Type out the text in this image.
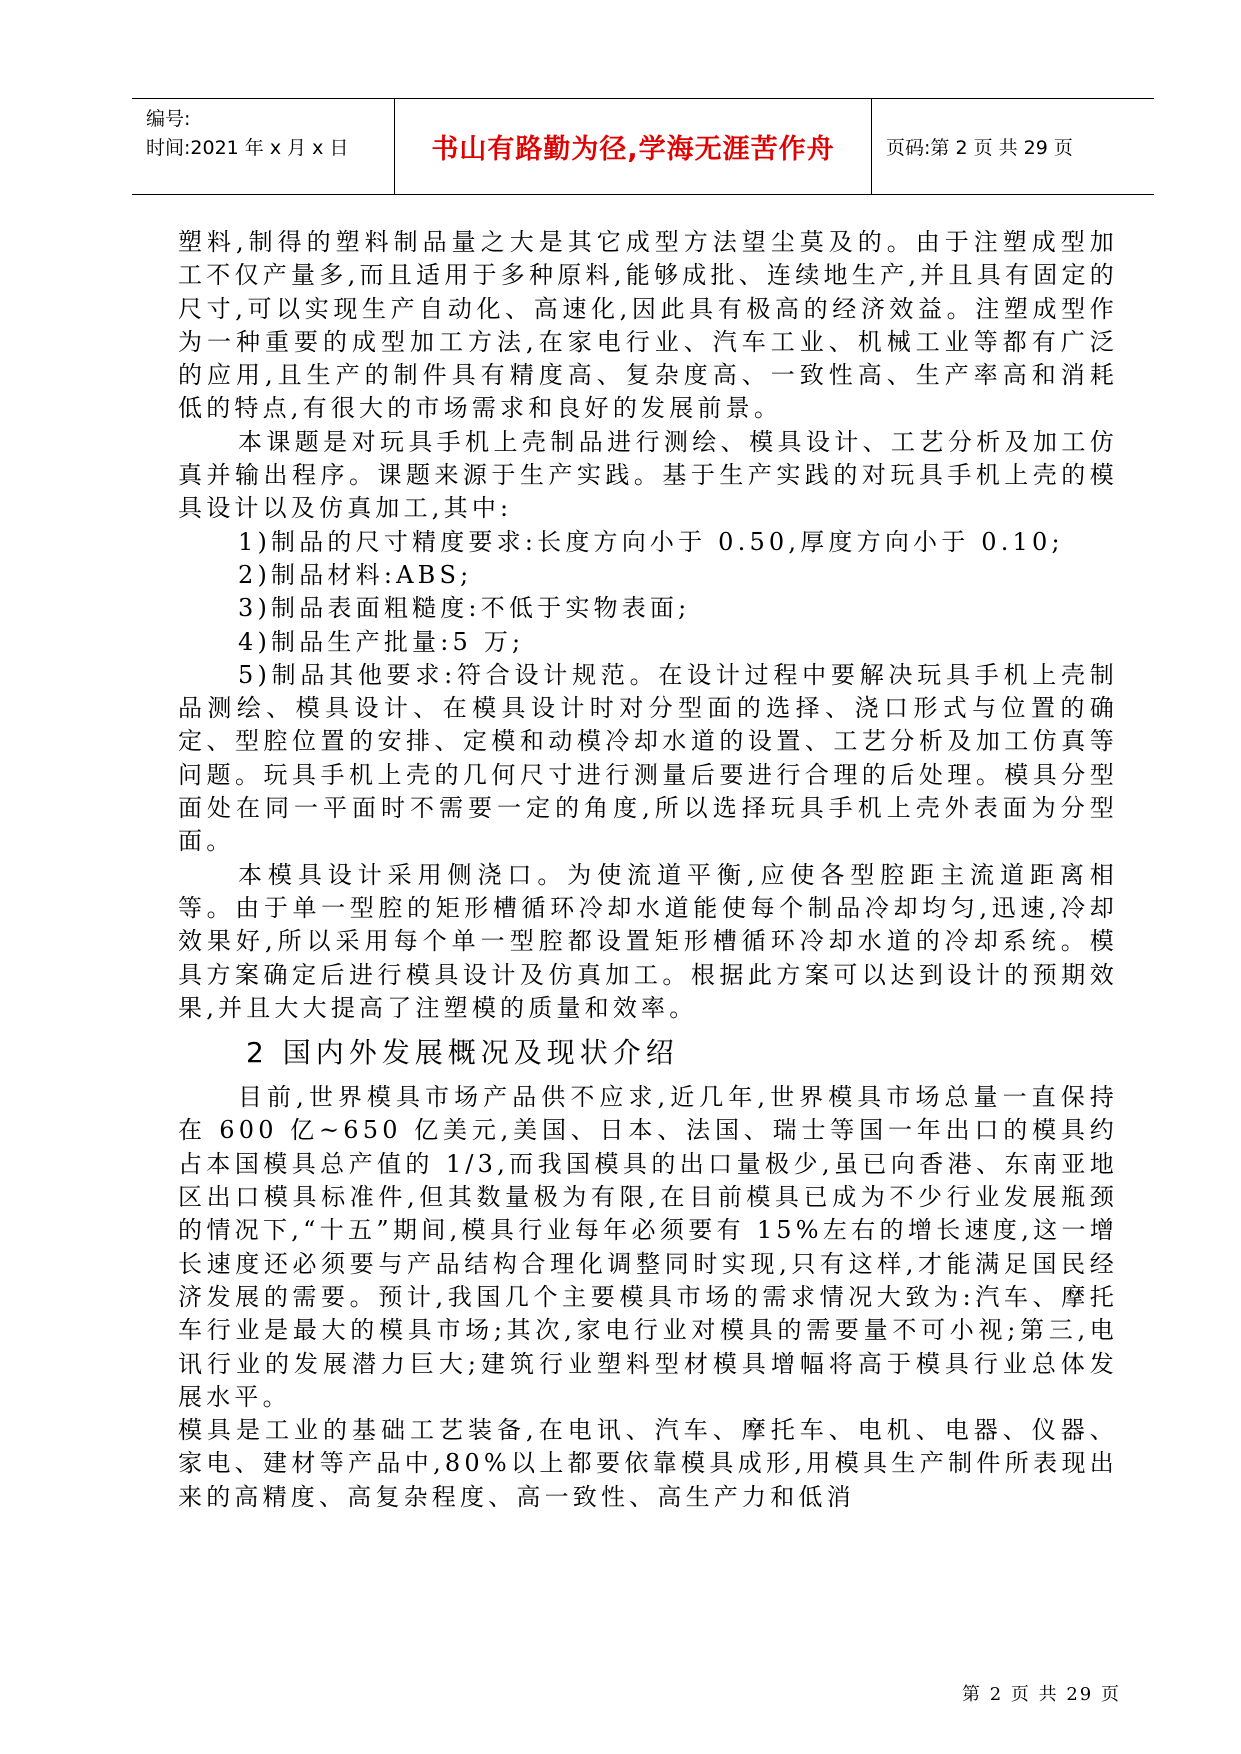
编号:
时间:2021 年 x 月 x 日	书山有路勤为径,学海无涯苦作舟	页码:第 2 页 共 29 页

塑料,制得的塑料制品量之大是其它成型方法望尘莫及的。由于注塑成型加工不仅产量多,而且适用于多种原料,能够成批、连续地生产,并且具有固定的尺寸,可以实现生产自动化、高速化,因此具有极高的经济效益。注塑成型作为一种重要的成型加工方法,在家电行业、汽车工业、机械工业等都有广泛的应用,且生产的制件具有精度高、复杂度高、一致性高、生产率高和消耗低的特点,有很大的市场需求和良好的发展前景。

本课题是对玩具手机上壳制品进行测绘、模具设计、工艺分析及加工仿真并输出程序。课题来源于生产实践。基于生产实践的对玩具手机上壳的模具设计以及仿真加工,其中:

1)制品的尺寸精度要求:长度方向小于 0.50,厚度方向小于 0.10;

2)制品材料:ABS;

3)制品表面粗糙度:不低于实物表面;

4)制品生产批量:5 万;

5)制品其他要求:符合设计规范。在设计过程中要解决玩具手机上壳制品测绘、模具设计、在模具设计时对分型面的选择、浇口形式与位置的确定、型腔位置的安排、定模和动模冷却水道的设置、工艺分析及加工仿真等问题。玩具手机上壳的几何尺寸进行测量后要进行合理的后处理。模具分型面处在同一平面时不需要一定的角度,所以选择玩具手机上壳外表面为分型面。

本模具设计采用侧浇口。为使流道平衡,应使各型腔距主流道距离相等。由于单一型腔的矩形槽循环冷却水道能使每个制品冷却均匀,迅速,冷却效果好,所以采用每个单一型腔都设置矩形槽循环冷却水道的冷却系统。模具方案确定后进行模具设计及仿真加工。根据此方案可以达到设计的预期效果,并且大大提高了注塑模的质量和效率。

2 国内外发展概况及现状介绍

目前,世界模具市场产品供不应求,近几年,世界模具市场总量一直保持在 600 亿~650 亿美元,美国、日本、法国、瑞士等国一年出口的模具约占本国模具总产值的 1/3,而我国模具的出口量极少,虽已向香港、东南亚地区出口模具标准件,但其数量极为有限,在目前模具已成为不少行业发展瓶颈的情况下,“十五”期间,模具行业每年必须要有 15%左右的增长速度,这一增长速度还必须要与产品结构合理化调整同时实现,只有这样,才能满足国民经济发展的需要。预计,我国几个主要模具市场的需求情况大致为:汽车、摩托车行业是最大的模具市场;其次,家电行业对模具的需要量不可小视;第三,电讯行业的发展潜力巨大;建筑行业塑料型材模具增幅将高于模具行业总体发展水平。

模具是工业的基础工艺装备,在电讯、汽车、摩托车、电机、电器、仪器、家电、建材等产品中,80%以上都要依靠模具成形,用模具生产制件所表现出来的高精度、高复杂程度、高一致性、高生产力和低消

第 2 页 共 29 页
